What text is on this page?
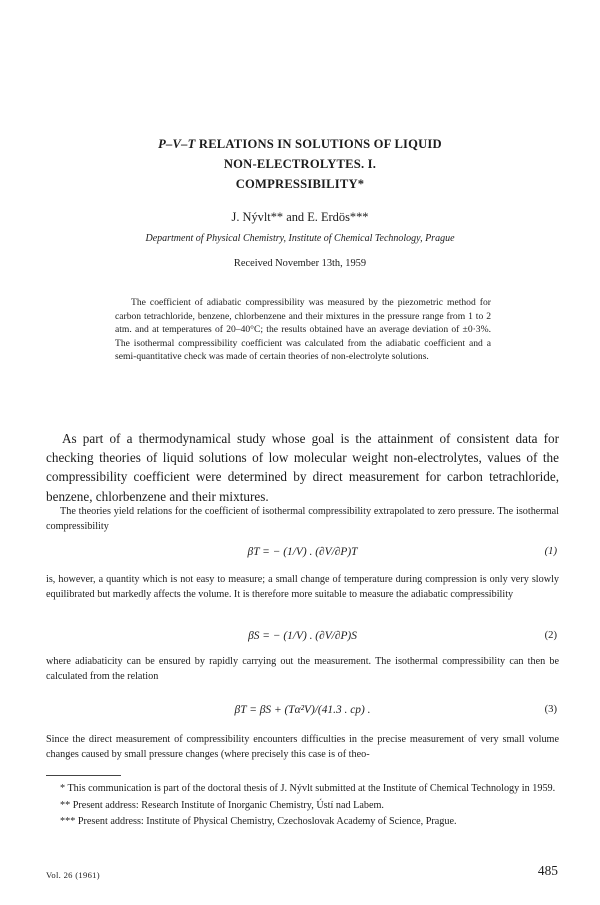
P–V–T RELATIONS IN SOLUTIONS OF LIQUID
NON-ELECTROLYTES. I.
COMPRESSIBILITY*
J. Nývlt** and E. Erdös***
Department of Physical Chemistry, Institute of Chemical Technology, Prague
Received November 13th, 1959

The coefficient of adiabatic compressibility was measured by the piezometric method for carbon tetrachloride, benzene, chlorbenzene and their mixtures in the pressure range from 1 to 2 atm. and at temperatures of 20–40°C; the results obtained have an average deviation of ±0·3%. The isothermal compressibility coefficient was calculated from the adiabatic coefficient and a semi-quantitative check was made of certain theories of non-electrolyte solutions.

As part of a thermodynamical study whose goal is the attainment of consistent data for checking theories of liquid solutions of low molecular weight non-electrolytes, values of the compressibility coefficient were determined by direct measurement for carbon tetrachloride, benzene, chlorbenzene and their mixtures.

The theories yield relations for the coefficient of isothermal compressibility extrapolated to zero pressure. The isothermal compressibility

βT = − (1/V) . (∂V/∂P)T	(1)

is, however, a quantity which is not easy to measure; a small change of temperature during compression is only very slowly equilibrated but markedly affects the volume. It is therefore more suitable to measure the adiabatic compressibility

βS = − (1/V) . (∂V/∂P)S	(2)

where adiabaticity can be ensured by rapidly carrying out the measurement. The isothermal compressibility can then be calculated from the relation

βT = βS + (Tα²V)/(41.3 . cp) .	(3)

Since the direct measurement of compressibility encounters difficulties in the precise measurement of very small volume changes caused by small pressure changes (where precisely this case is of theo-

* This communication is part of the doctoral thesis of J. Nývlt submitted at the Institute of Chemical Technology in 1959.

** Present address: Research Institute of Inorganic Chemistry, Ústí nad Labem.

*** Present address: Institute of Physical Chemistry, Czechoslovak Academy of Science, Prague.

Vol. 26 (1961)	485
